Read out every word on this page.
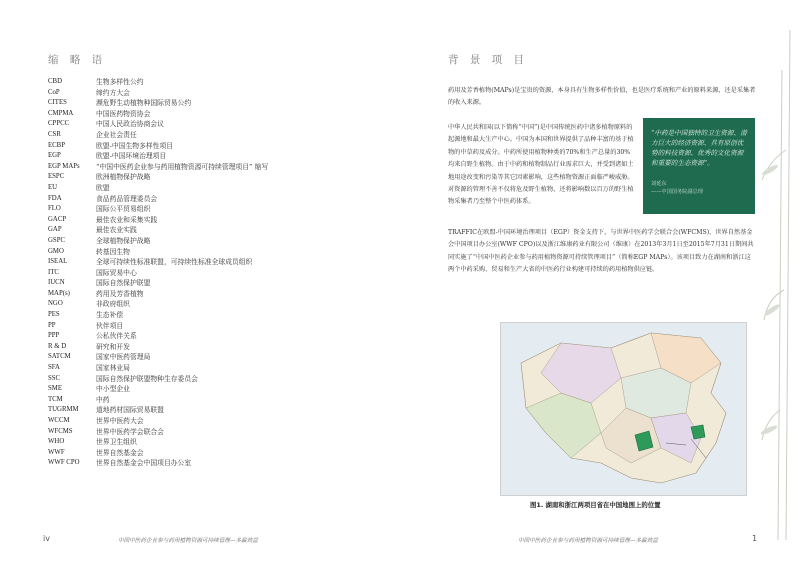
缩 略 语
CBD	生物多样性公约
CoP	缔约方大会
CITES	濒危野生动植物种国际贸易公约
CMPMA	中国医药物资协会
CPPCC	中国人民政治协商会议
CSR	企业社会责任
ECBP	欧盟-中国生物多样性项目
EGP	欧盟-中国环境治理项目
EGP MAPs	“中国中医药企业参与药用植物资源可持续管理项目” 缩写
ESPC	欧洲植物保护战略
EU	欧盟
FDA	食品药品管理委员会
FLO	国际公平贸易组织
GACP	最佳农业和采集实践
GAP	最佳农业实践
GSPC	全球植物保护战略
GMO	转基因生物
ISEAL	全球可持续性标准联盟，可持续性标准全球成员组织
ITC	国际贸易中心
IUCN	国际自然保护联盟
MAP(s)	药用及芳香植物
NGO	非政府组织
PES	生态补偿
PP	伙伴项目
PPP	公私伙伴关系
R & D	研究和开发
SATCM	国家中医药管理局
SFA	国家林业局
SSC	国际自然保护联盟物种生存委员会
SME	中小型企业
TCM	中药
TUGRMM	道地药材国际贸易联盟
WCCM	世界中医药大会
WFCMS	世界中医药学会联合会
WHO	世界卫生组织
WWF	世界自然基金会
WWF CPO	世界自然基金会中国项目办公室
iv	中国中医药企业参与药用植物资源可持续管理—多赢效益
背 景 项 目

药用及芳香植物(MAPs)是宝贵的资源，本身具有生物多样性价值，也是医疗系统和产业的原料来源，还是采集者的收入来源。

中华人民共和国(以下简称“中国”)是中国传统医药中诸多植物原料的起源地和最大生产中心。中国为本国和世界提供了品种丰富的基于植物的中草药及成分。中药所使用植物种类的70%和生产总量的30%均来自野生植物。由于中药和植物制品行业需求巨大，并受到诸如土地用途改变和污染等其它因素影响，这些植物资源正面临严峻威胁。对资源的管理不善不仅将危及野生植物，还将影响数以百万的野生植物采集者乃至整个中医药体系。

“中药是中国独特的卫生资源、潜力巨大的经济资源、具有原创优势的科技资源、优秀的文化资源和重要的生态资源”。
刘延东
——中国国务院副总理

TRAFFIC在欧盟-中国环境治理项目（EGP）资金支持下，与世界中医药学会联合会(WFCMS)、世界自然基金会中国项目办公室(WWF CPO)以及浙江维康药业有限公司（维康）在2013年3月1日至2015年7月31日期间共同实施了“中国中医药企业参与药用植物资源可持续管理项目”（简称EGP MAPs）。该项目致力在湖南和浙江这两个中药采购、贸易和生产大省的中医药行业构建可持续的药用植物供应链。

图1. 湖南和浙江两项目省在中国地图上的位置
1
中国中医药企业参与药用植物资源可持续管理—多赢效益
